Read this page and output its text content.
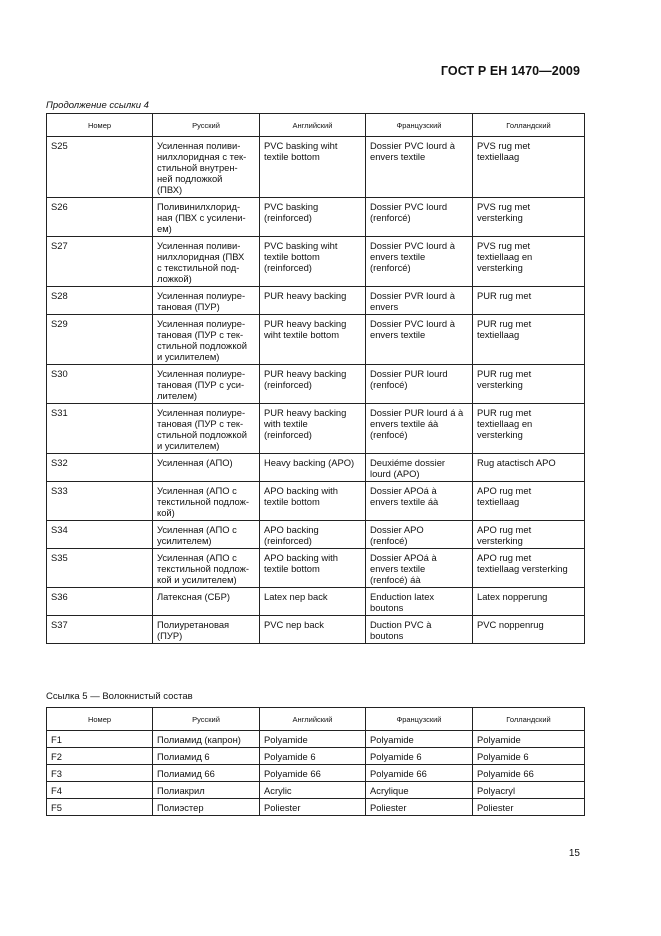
ГОСТ Р ЕН 1470—2009
Продолжение ссылки 4
Номер	Русский	Английский	Французский	Голландский
S25	Усиленная поливи-
нилхлоридная с тек-
стильной внутрен-
ней подложкой
(ПВХ)	PVC basking wiht
textile bottom	Dossier PVC lourd à
envers textile	PVS rug met
textiellaag
S26	Поливинилхлорид-
ная (ПВХ с усилени-
ем)	PVC basking
(reinforced)	Dossier PVC lourd
(renforcé)	PVS rug met
versterking
S27	Усиленная поливи-
нилхлоридная (ПВХ
с текстильной под-
ложкой)	PVC basking wiht
textile bottom
(reinforced)	Dossier PVC lourd à
envers textile
(renforcé)	PVS rug met
textiellaag en
versterking
S28	Усиленная полиуре-
тановая (ПУР)	PUR heavy backing	Dossier PVR lourd à
envers	PUR rug met
S29	Усиленная полиуре-
тановая (ПУР с тек-
стильной подложкой
и усилителем)	PUR heavy backing
wiht textile bottom	Dossier PVC lourd à
envers textile	PUR rug met
textiellaag
S30	Усиленная полиуре-
тановая (ПУР с уси-
лителем)	PUR heavy backing
(reinforced)	Dossier PUR lourd
(renfocé)	PUR rug met
versterking
S31	Усиленная полиуре-
тановая (ПУР с тек-
стильной подложкой
и усилителем)	PUR heavy backing
with textile
(reinforced)	Dossier PUR lourd á à
envers textile áà
(renfocé)	PUR rug met
textiellaag en
versterking
S32	Усиленная (АПО)	Heavy backing (APO)	Deuxiéme dossier
lourd (APO)	Rug atactisch APO
S33	Усиленная (АПО с
текстильной подлож-
кой)	APO backing with
textile bottom	Dossier APOá à
envers textile áà	APO rug met
textiellaag
S34	Усиленная (АПО с
усилителем)	APO backing
(reinforced)	Dossier APO
(renfocé)	APO rug met
versterking
S35	Усиленная (АПО с
текстильной подлож-
кой и усилителем)	APO backing with
textile bottom	Dossier APOá à
envers textile
(renfocé) áà	APO rug met
textiellaag versterking
S36	Латексная (СБР)	Latex nep back	Enduction latex
boutons	Latex nopperung
S37	Полиуретановая
(ПУР)	PVC nep back	Duction PVC à
boutons	PVC noppenrug
Ссылка 5 — Волокнистый состав
Номер	Русский	Английский	Французский	Голландский
F1	Полиамид (капрон)	Polyamide	Polyamide	Polyamide
F2	Полиамид 6	Polyamide 6	Polyamide 6	Polyamide 6
F3	Полиамид 66	Polyamide 66	Polyamide 66	Polyamide 66
F4	Полиакрил	Acrylic	Acrylique	Polyacryl
F5	Полиэстер	Poliester	Poliester	Poliester
15
